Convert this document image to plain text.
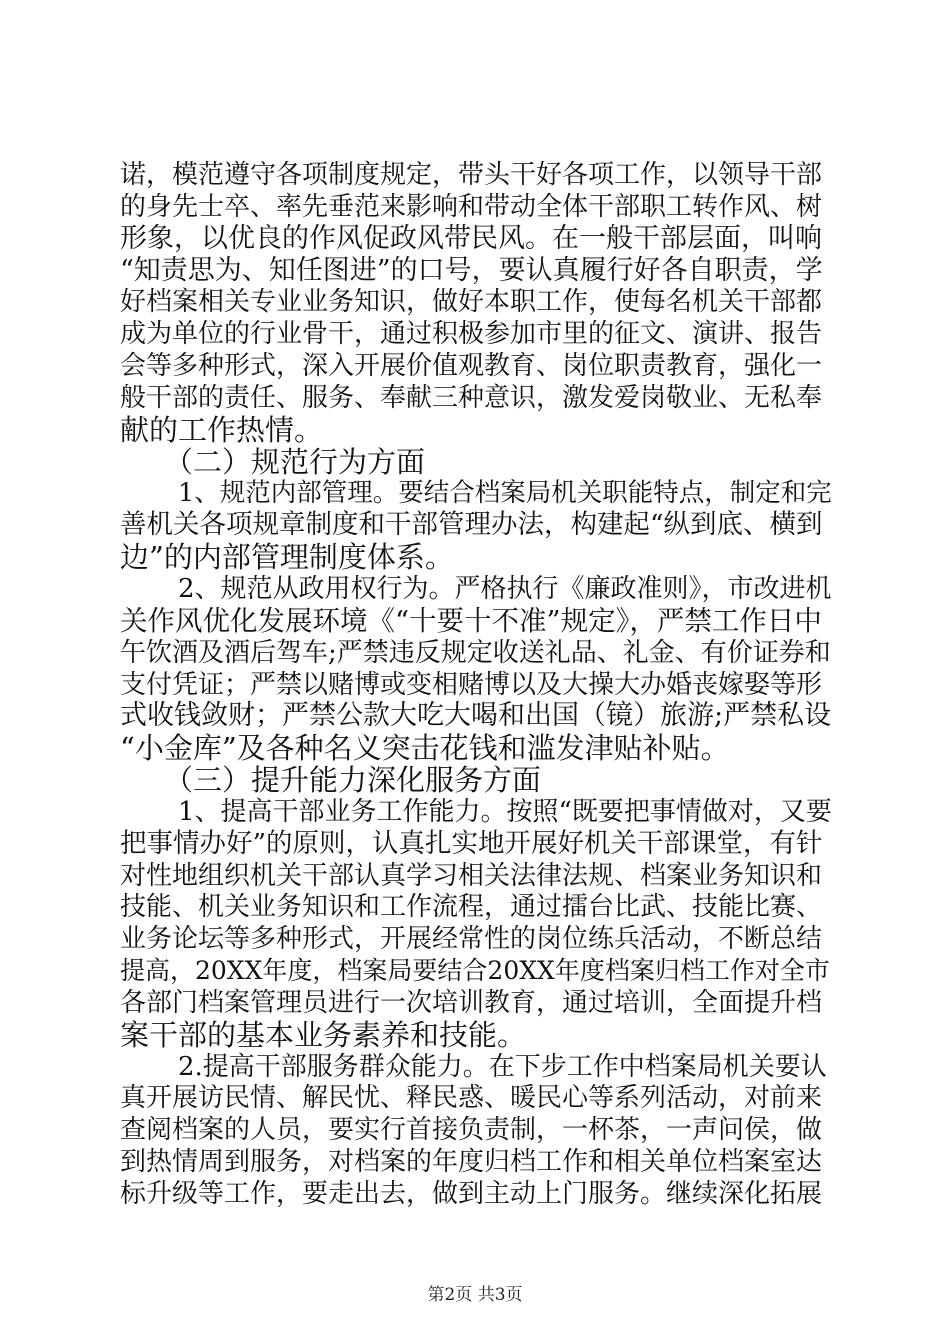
诺，模范遵守各项制度规定，带头干好各项工作，以领导干部
的身先士卒、率先垂范来影响和带动全体干部职工转作风、树
形象，以优良的作风促政风带民风。在一般干部层面，叫响
“知责思为、知任图进”的口号，要认真履行好各自职责，学
好档案相关专业业务知识，做好本职工作，使每名机关干部都
成为单位的行业骨干，通过积极参加市里的征文、演讲、报告
会等多种形式，深入开展价值观教育、岗位职责教育，强化一
般干部的责任、服务、奉献三种意识，激发爱岗敬业、无私奉
献的工作热情。
（二）规范行为方面
1、规范内部管理。要结合档案局机关职能特点，制定和完
善机关各项规章制度和干部管理办法，构建起“纵到底、横到
边”的内部管理制度体系。
2、规范从政用权行为。严格执行《廉政准则》，市改进机
关作风优化发展环境《“十要十不准”规定》，严禁工作日中
午饮酒及酒后驾车;严禁违反规定收送礼品、礼金、有价证券和
支付凭证；严禁以赌博或变相赌博以及大操大办婚丧嫁娶等形
式收钱敛财；严禁公款大吃大喝和出国（镜）旅游;严禁私设
“小金库”及各种名义突击花钱和滥发津贴补贴。
（三）提升能力深化服务方面
1、提高干部业务工作能力。按照“既要把事情做对，又要
把事情办好”的原则，认真扎实地开展好机关干部课堂，有针
对性地组织机关干部认真学习相关法律法规、档案业务知识和
技能、机关业务知识和工作流程，通过擂台比武、技能比赛、
业务论坛等多种形式，开展经常性的岗位练兵活动，不断总结
提高，20XX年度，档案局要结合20XX年度档案归档工作对全市
各部门档案管理员进行一次培训教育，通过培训，全面提升档
案干部的基本业务素养和技能。
2.提高干部服务群众能力。在下步工作中档案局机关要认
真开展访民情、解民忧、释民惑、暖民心等系列活动，对前来
查阅档案的人员，要实行首接负责制，一杯茶，一声问侯，做
到热情周到服务，对档案的年度归档工作和相关单位档案室达
标升级等工作，要走出去，做到主动上门服务。继续深化拓展
第2页 共3页
